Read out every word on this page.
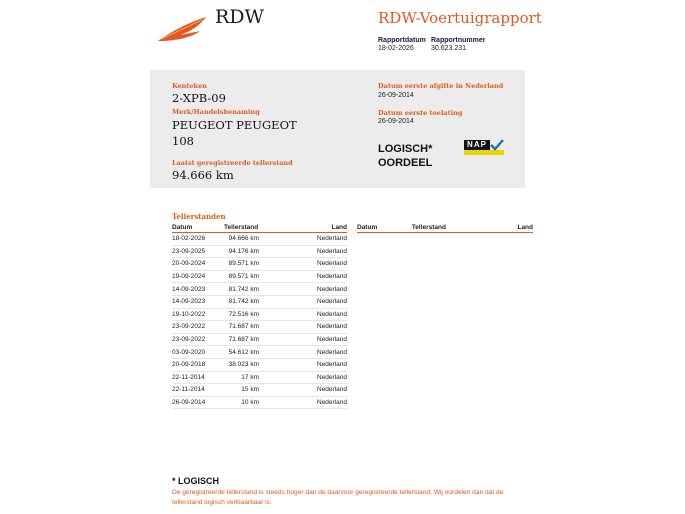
RDW	RDW-Voertuigrapport
Rapportdatum Rapportnummer
18-02-2026 30.623.231
Kenteken
2-XPB-09
Merk/Handelsbenaming
PEUGEOT PEUGEOT
108
Laatst geregistreerde tellerstand
94.666 km
Datum eerste afgifte in Nederland
26-09-2014
Datum eerste toelating
26-09-2014
LOGISCH*
OORDEEL
NAP
Tellerstanden
Datum	Tellerstand	Land
18-02-2026	94.666 km	Nederland
23-09-2025	94.176 km	Nederland
20-09-2024	89.571 km	Nederland
19-09-2024	89.571 km	Nederland
14-09-2023	81.742 km	Nederland
14-09-2023	81.742 km	Nederland
19-10-2022	72.516 km	Nederland
23-09-2022	71.687 km	Nederland
23-09-2022	71.687 km	Nederland
03-09-2020	54.612 km	Nederland
20-09-2018	38.023 km	Nederland
22-11-2014	17 km	Nederland
22-11-2014	15 km	Nederland
26-09-2014	10 km	Nederland
Datum	Tellerstand	Land
* LOGISCH
De geregistreerde tellerstand is steeds hoger dan de daarvoor geregistreerde tellerstand. Wij oordelen dan dat de tellerstand logisch verklaarbaar is.
